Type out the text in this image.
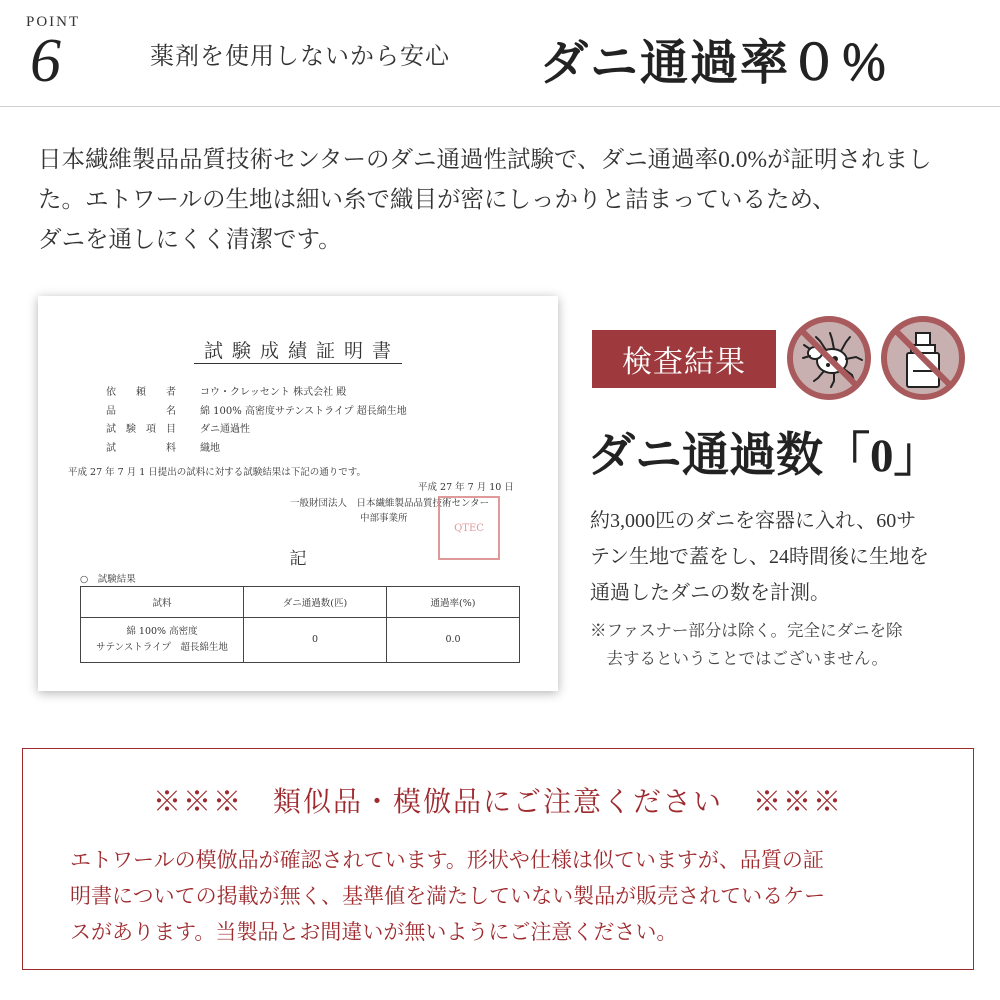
POINT
6	薬剤を使用しないから安心 ダニ通過率０％
日本繊維製品品質技術センターのダニ通過性試験で、ダニ通過率0.0%が証明されました。エトワールの生地は細い糸で織目が密にしっかりと詰まっているため、
ダニを通しにくく清潔です。
試験成績証明書
依頼者 コウ・クレッセント 株式会社 殿
品名 綿 100% 高密度サテンストライプ 超長綿生地
試験項目 ダニ通過性
試料 織地
平成 27 年 7 月 1 日提出の試料に対する試験結果は下記の通りです。
平成 27 年 7 月 10 日
一般財団法人　日本繊維製品品質技術センター
中部事業所
QTEC
記
○　試験結果
試料	ダニ通過数(匹)	通過率(%)
綿 100% 高密度
サテンストライプ　超長綿生地	0	0.0
検査結果
ダニ通過数「0」
約3,000匹のダニを容器に入れ、60サ
テン生地で蓋をし、24時間後に生地を
通過したダニの数を計測。
※ファスナー部分は除く。完全にダニを除
　去するということではございません。
※※※　類似品・模倣品にご注意ください　※※※
エトワールの模倣品が確認されています。形状や仕様は似ていますが、品質の証
明書についての掲載が無く、基準値を満たしていない製品が販売されているケー
スがあります。当製品とお間違いが無いようにご注意ください。
